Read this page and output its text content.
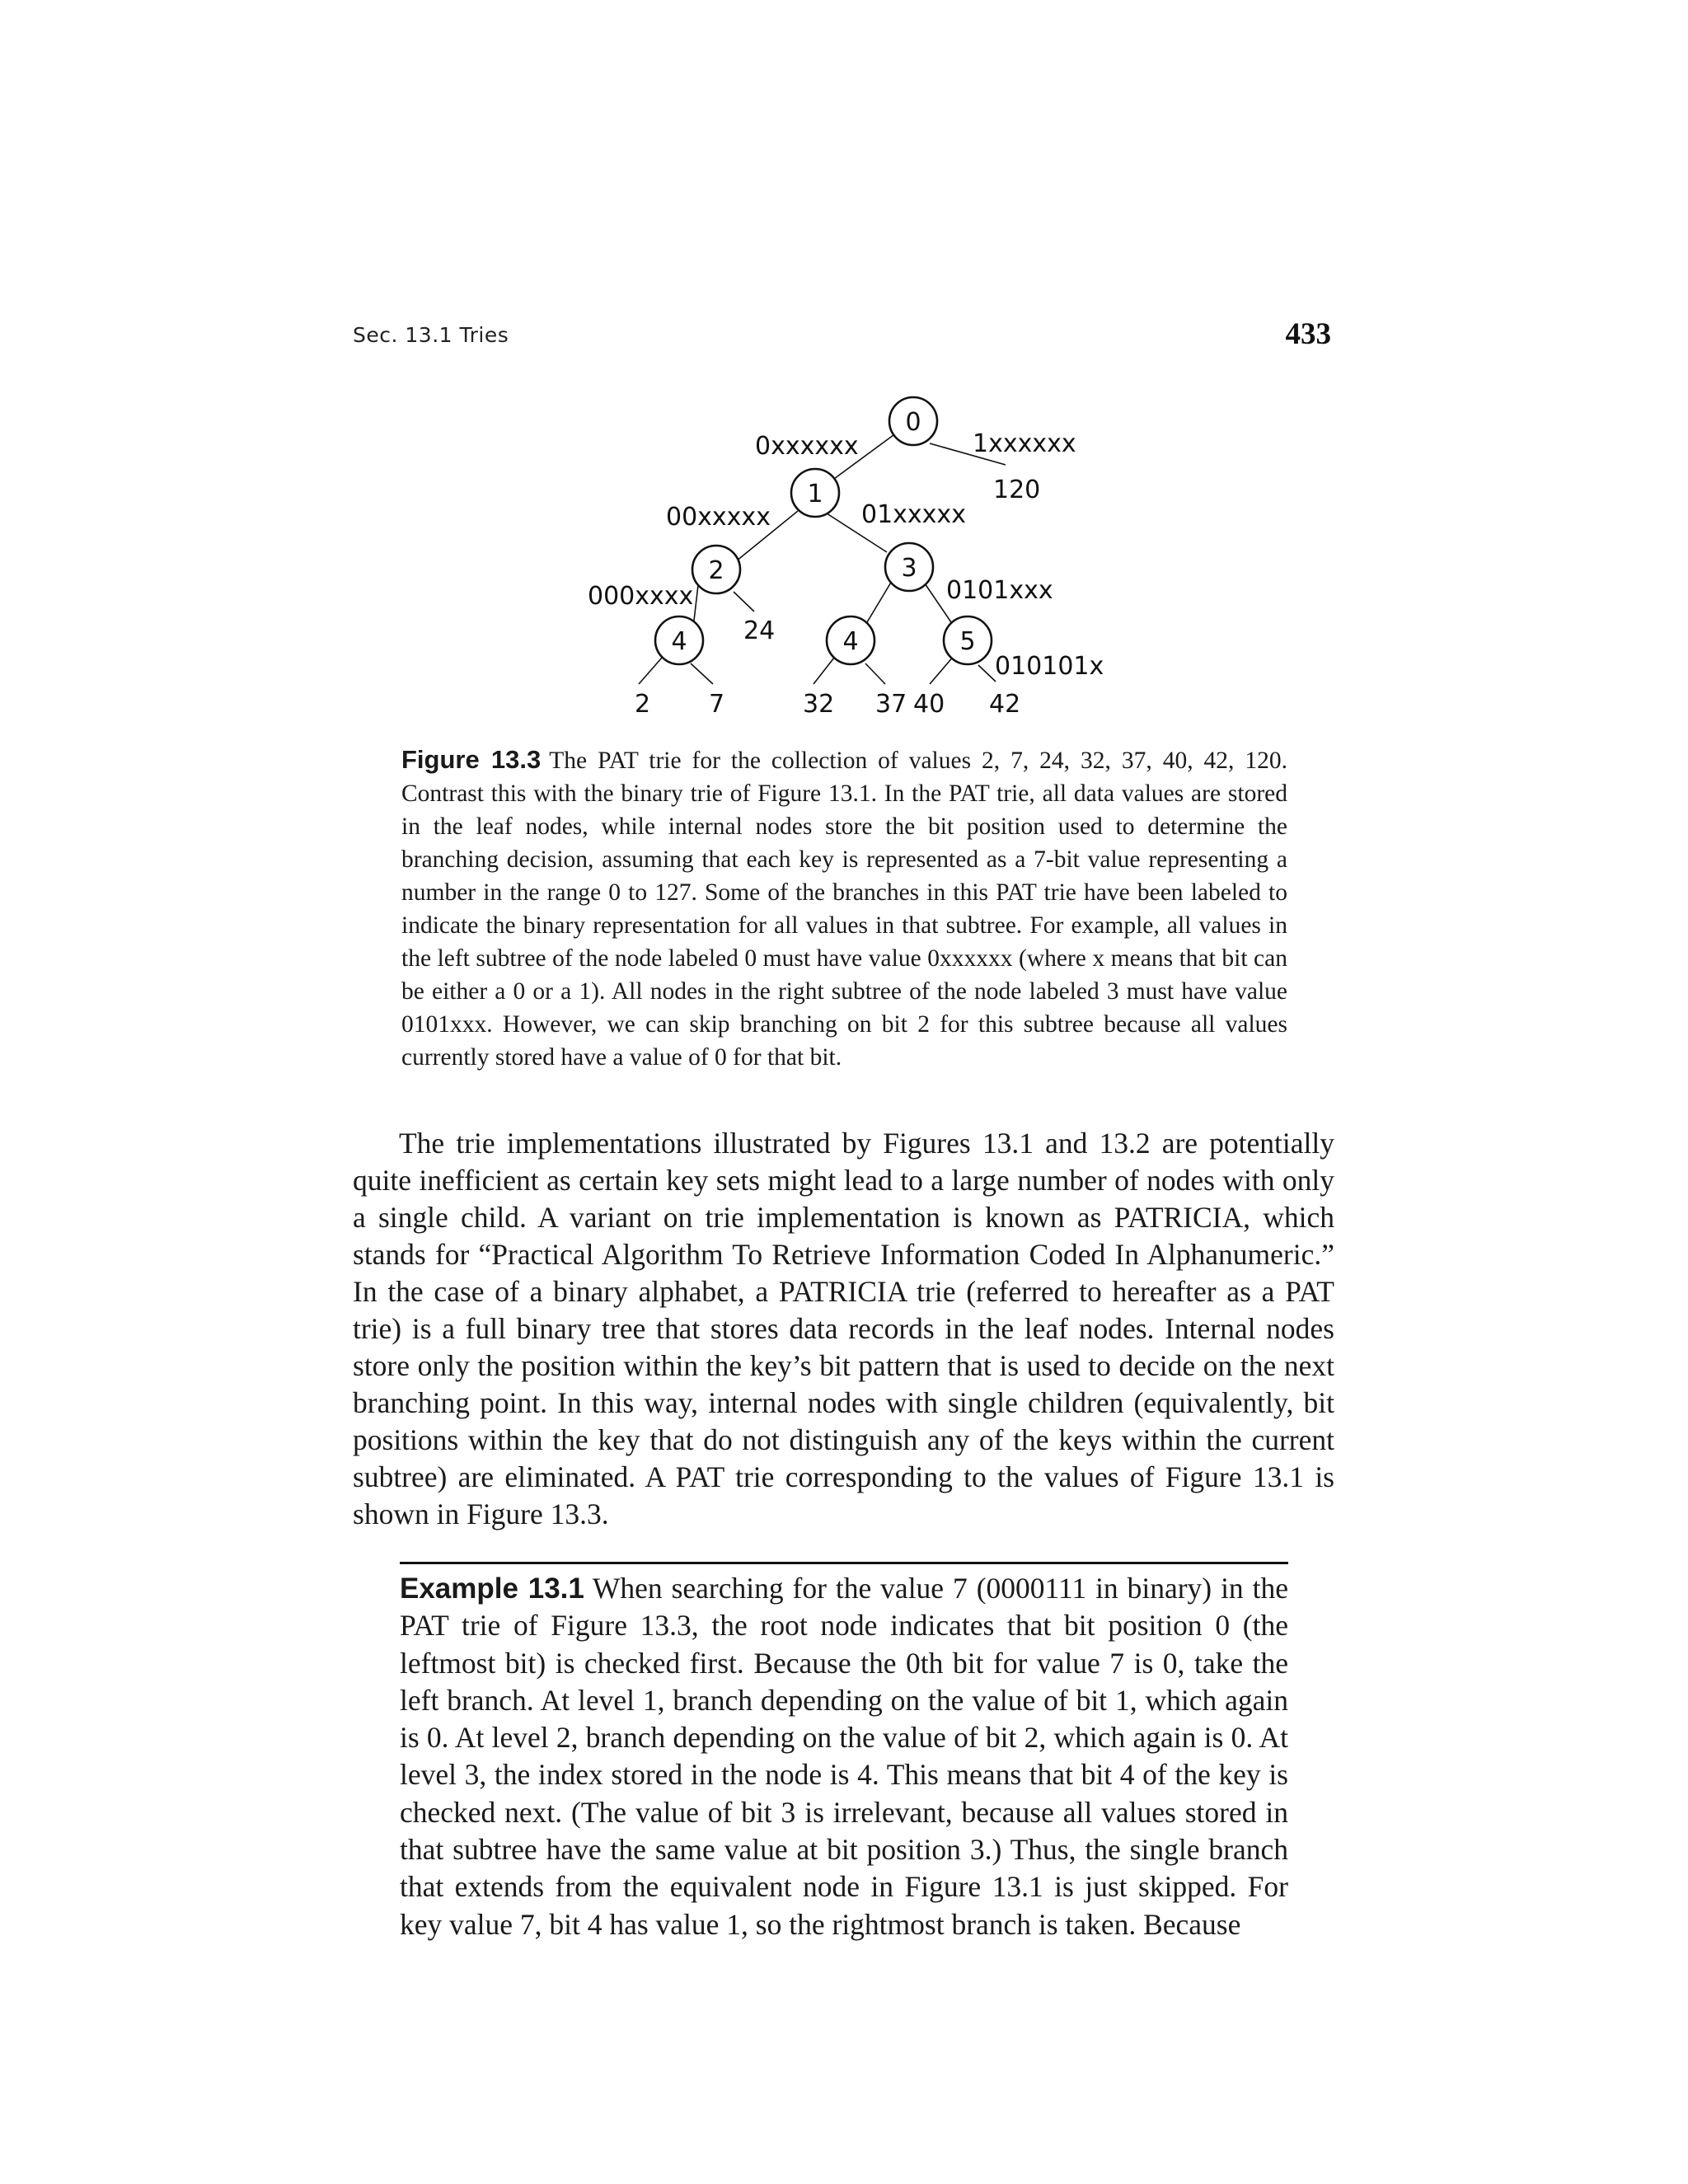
Sec. 13.1 Tries	433
0
1
2	3
4	4	5
0xxxxxx	1xxxxxx
00xxxxx	01xxxxx
000xxxx	0101xxx
010101x
120
24
2 7	32 37 40 42
Figure 13.3 The PAT trie for the collection of values 2, 7, 24, 32, 37, 40, 42, 120. Contrast this with the binary trie of Figure 13.1. In the PAT trie, all data values are stored in the leaf nodes, while internal nodes store the bit position used to determine the branching decision, assuming that each key is represented as a 7-bit value representing a number in the range 0 to 127. Some of the branches in this PAT trie have been labeled to indicate the binary representation for all values in that subtree. For example, all values in the left subtree of the node labeled 0 must have value 0xxxxxx (where x means that bit can be either a 0 or a 1). All nodes in the right subtree of the node labeled 3 must have value 0101xxx. However, we can skip branching on bit 2 for this subtree because all values currently stored have a value of 0 for that bit.

The trie implementations illustrated by Figures 13.1 and 13.2 are potentially quite inefficient as certain key sets might lead to a large number of nodes with only a single child. A variant on trie implementation is known as PATRICIA, which stands for “Practical Algorithm To Retrieve Information Coded In Alphanumeric.” In the case of a binary alphabet, a PATRICIA trie (referred to hereafter as a PAT trie) is a full binary tree that stores data records in the leaf nodes. Internal nodes store only the position within the key’s bit pattern that is used to decide on the next branching point. In this way, internal nodes with single children (equivalently, bit positions within the key that do not distinguish any of the keys within the current subtree) are eliminated. A PAT trie corresponding to the values of Figure 13.1 is shown in Figure 13.3.

Example 13.1 When searching for the value 7 (0000111 in binary) in the PAT trie of Figure 13.3, the root node indicates that bit position 0 (the leftmost bit) is checked first. Because the 0th bit for value 7 is 0, take the left branch. At level 1, branch depending on the value of bit 1, which again is 0. At level 2, branch depending on the value of bit 2, which again is 0. At level 3, the index stored in the node is 4. This means that bit 4 of the key is checked next. (The value of bit 3 is irrelevant, because all values stored in that subtree have the same value at bit position 3.) Thus, the single branch that extends from the equivalent node in Figure 13.1 is just skipped. For key value 7, bit 4 has value 1, so the rightmost branch is taken. Because
